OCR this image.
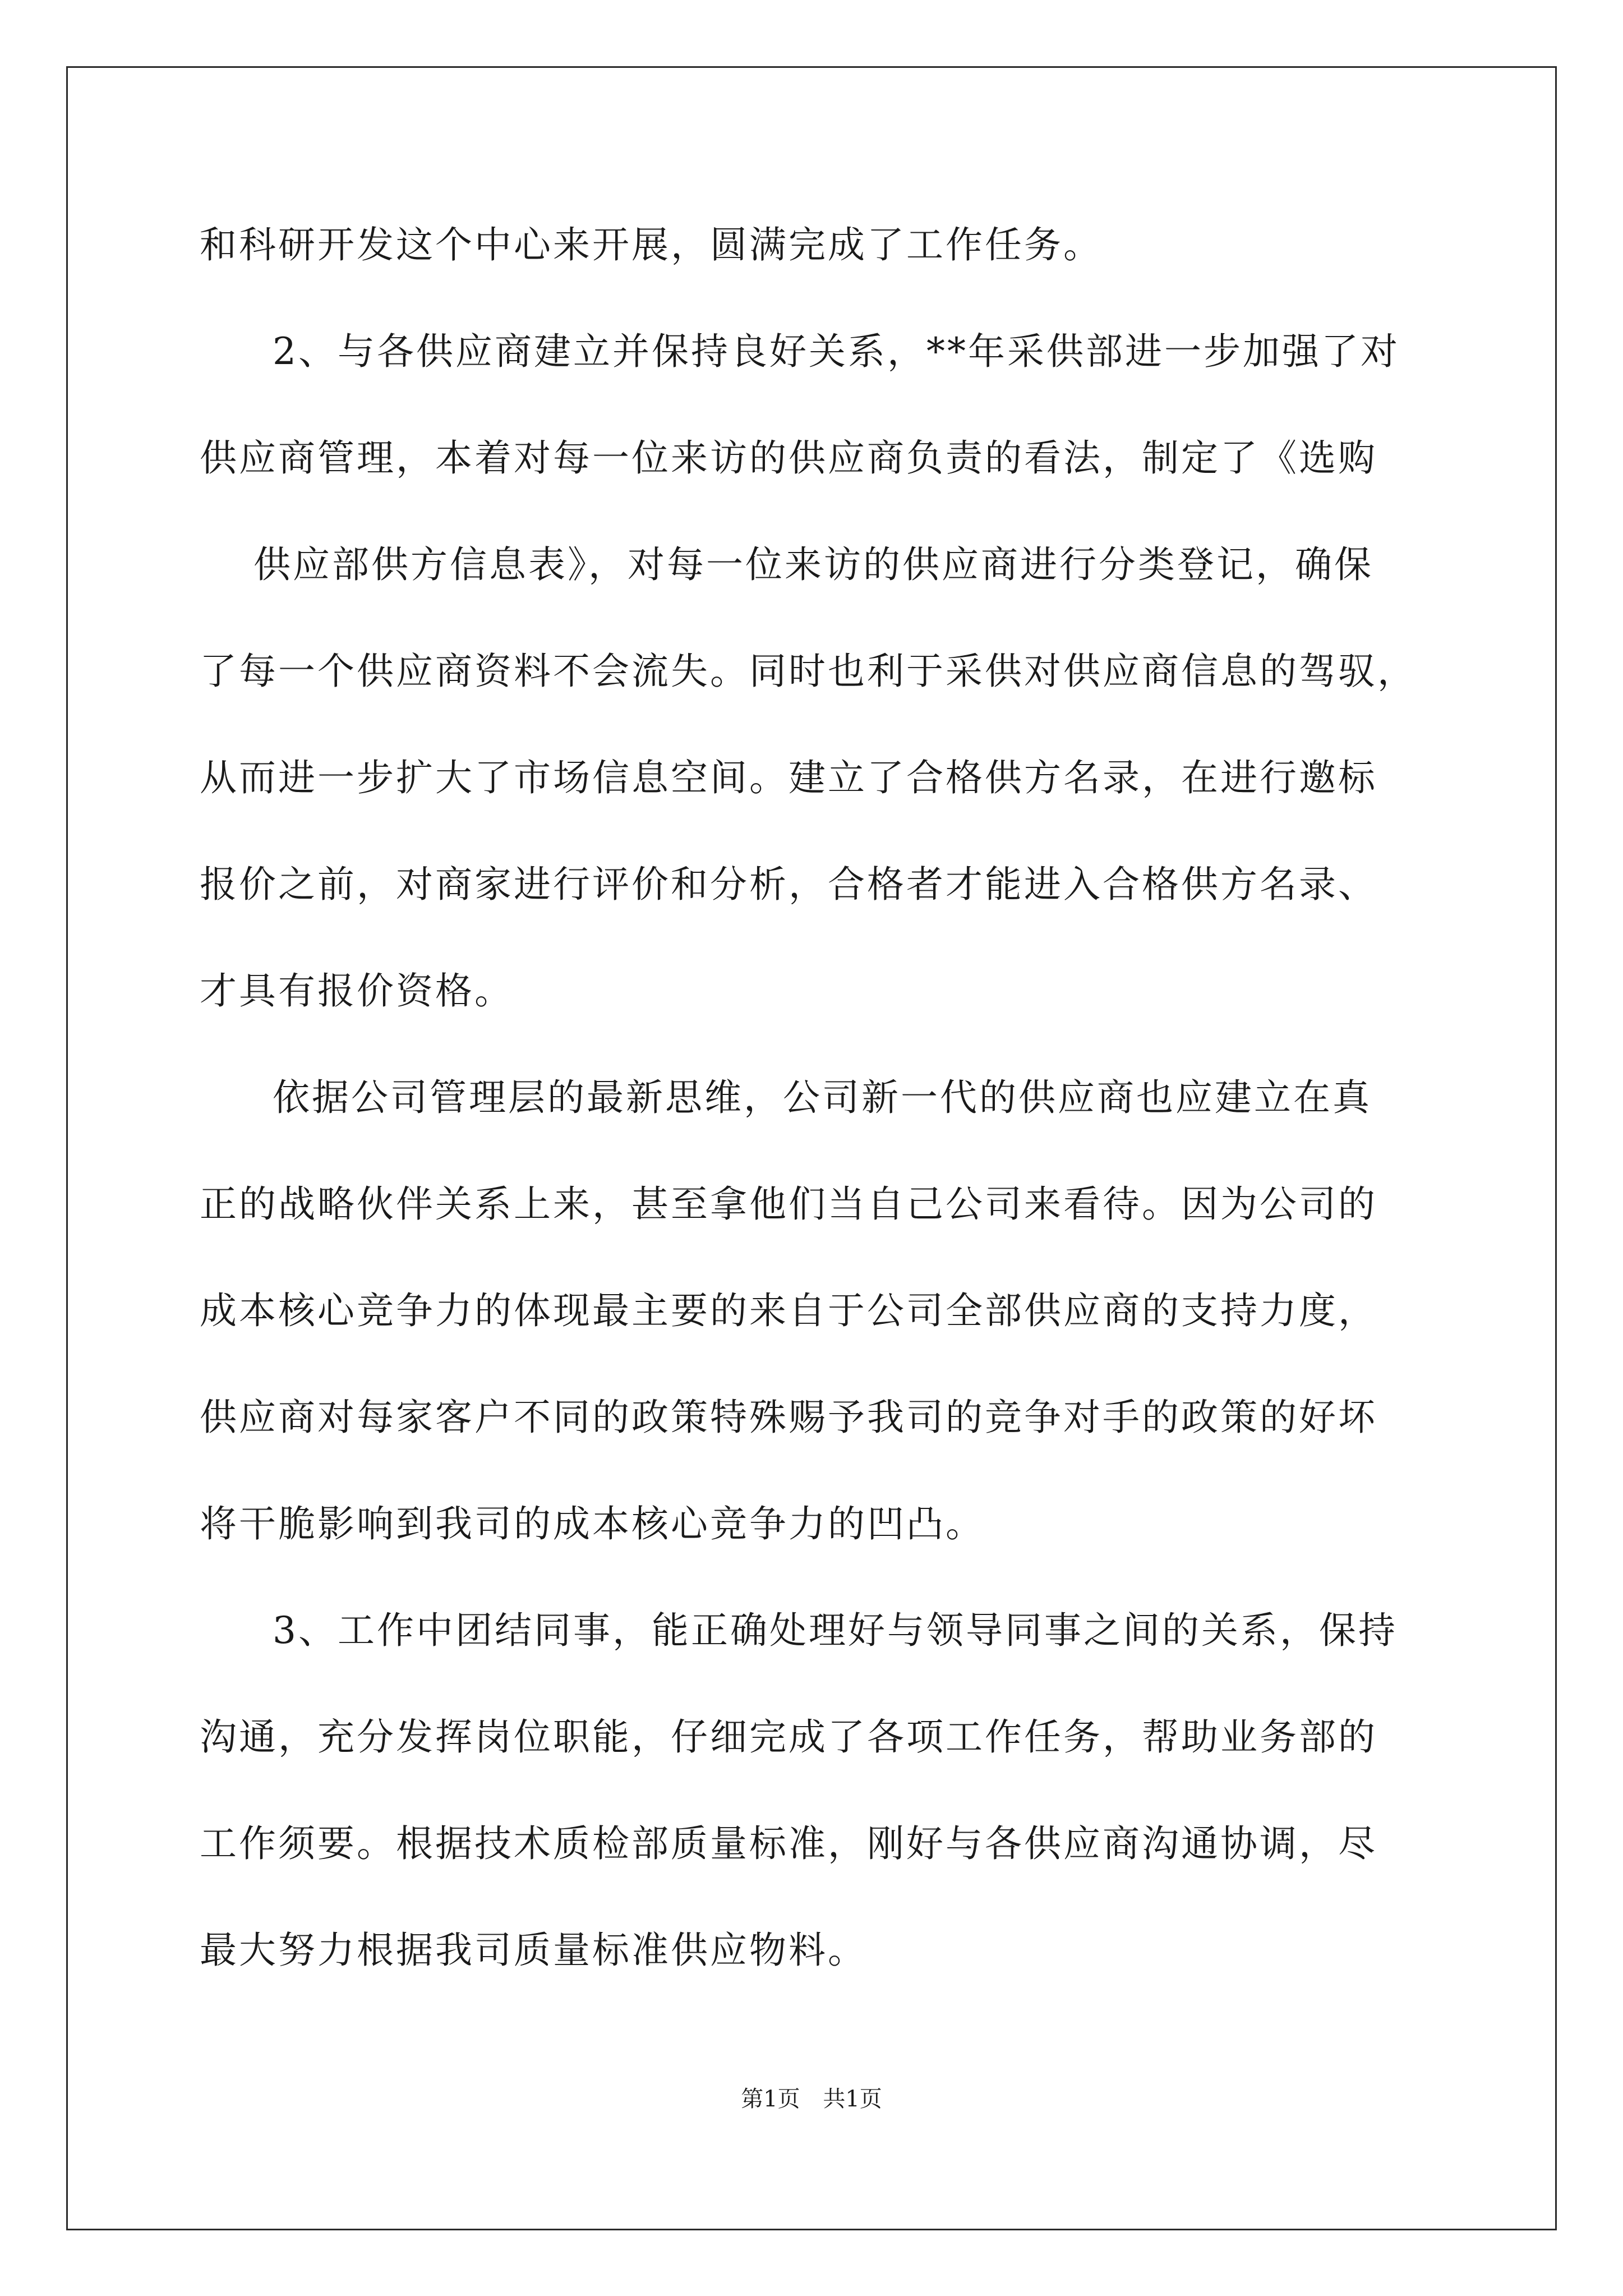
和科研开发这个中心来开展，圆满完成了工作任务。
2、与各供应商建立并保持良好关系，**年采供部进一步加强了对
供应商管理，本着对每一位来访的供应商负责的看法，制定了《选购
供应部供方信息表》，对每一位来访的供应商进行分类登记，确保
了每一个供应商资料不会流失。同时也利于采供对供应商信息的驾驭，
从而进一步扩大了市场信息空间。建立了合格供方名录，在进行邀标
报价之前，对商家进行评价和分析，合格者才能进入合格供方名录、
才具有报价资格。
依据公司管理层的最新思维，公司新一代的供应商也应建立在真
正的战略伙伴关系上来，甚至拿他们当自己公司来看待。因为公司的
成本核心竞争力的体现最主要的来自于公司全部供应商的支持力度，
供应商对每家客户不同的政策特殊赐予我司的竞争对手的政策的好坏
将干脆影响到我司的成本核心竞争力的凹凸。
3、工作中团结同事，能正确处理好与领导同事之间的关系，保持
沟通，充分发挥岗位职能，仔细完成了各项工作任务，帮助业务部的
工作须要。根据技术质检部质量标准，刚好与各供应商沟通协调，尽
最大努力根据我司质量标准供应物料。
第1页 共1页
